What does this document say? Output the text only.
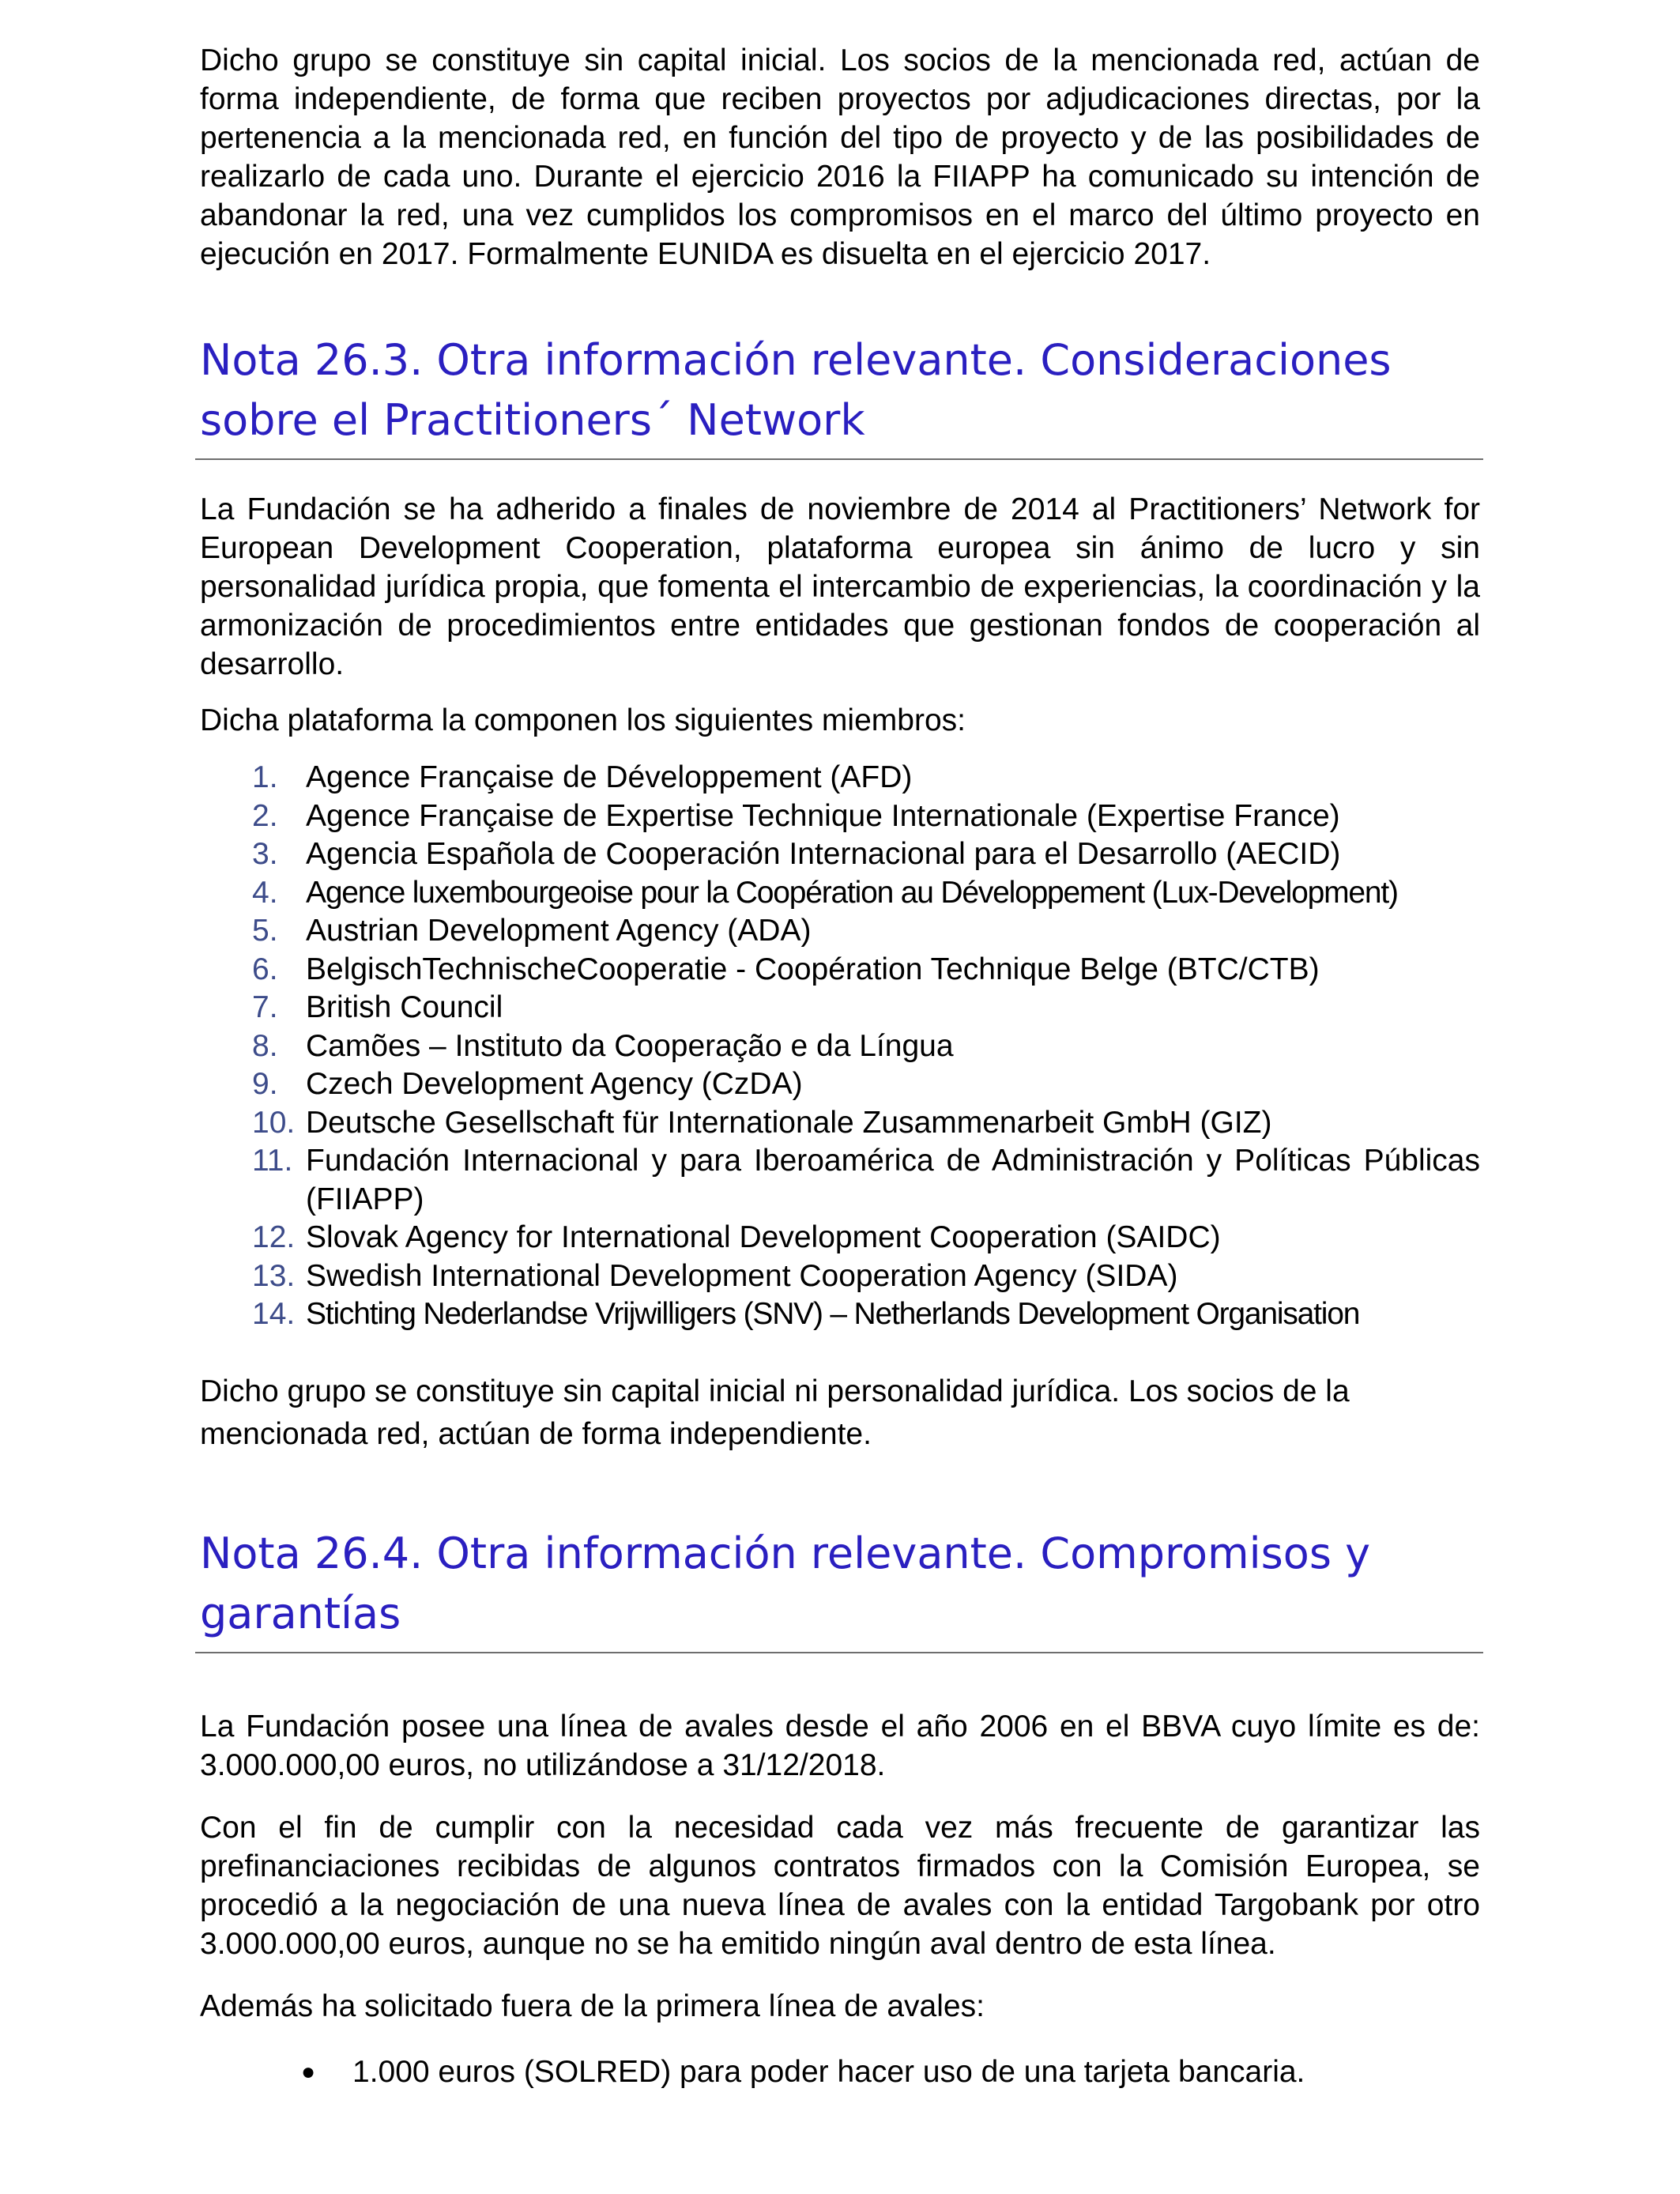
Dicho grupo se constituye sin capital inicial. Los socios de la mencionada red, actúan de forma independiente, de forma que reciben proyectos por adjudicaciones directas, por la pertenencia a la mencionada red, en función del tipo de proyecto y de las posibilidades de realizarlo de cada uno. Durante el ejercicio 2016 la FIIAPP ha comunicado su intención de abandonar la red, una vez cumplidos los compromisos en el marco del último proyecto en ejecución en 2017. Formalmente EUNIDA es disuelta en el ejercicio 2017.

Nota 26.3. Otra información relevante. Consideraciones sobre el Practitioners´ Network

La Fundación se ha adherido a finales de noviembre de 2014 al Practitioners’ Network for European Development Cooperation, plataforma europea sin ánimo de lucro y sin personalidad jurídica propia, que fomenta el intercambio de experiencias, la coordinación y la armonización de procedimientos entre entidades que gestionan fondos de cooperación al desarrollo.

Dicha plataforma la componen los siguientes miembros:

1. Agence Française de Développement (AFD)
2. Agence Française de Expertise Technique Internationale (Expertise France)
3. Agencia Española de Cooperación Internacional para el Desarrollo (AECID)
4. Agence luxembourgeoise pour la Coopération au Développement (Lux-Development)
5. Austrian Development Agency (ADA)
6. BelgischTechnischeCooperatie - Coopération Technique Belge (BTC/CTB)
7. British Council
8. Camões – Instituto da Cooperação e da Língua
9. Czech Development Agency (CzDA)
10. Deutsche Gesellschaft für Internationale Zusammenarbeit GmbH (GIZ)
11. Fundación Internacional y para Iberoamérica de Administración y Políticas Públicas (FIIAPP)
12. Slovak Agency for International Development Cooperation (SAIDC)
13. Swedish International Development Cooperation Agency (SIDA)
14. Stichting Nederlandse Vrijwilligers (SNV) – Netherlands Development Organisation

Dicho grupo se constituye sin capital inicial ni personalidad jurídica. Los socios de la mencionada red, actúan de forma independiente.

Nota 26.4. Otra información relevante. Compromisos y garantías

La Fundación posee una línea de avales desde el año 2006 en el BBVA cuyo límite es de: 3.000.000,00 euros, no utilizándose a 31/12/2018.

Con el fin de cumplir con la necesidad cada vez más frecuente de garantizar las prefinanciaciones recibidas de algunos contratos firmados con la Comisión Europea, se procedió a la negociación de una nueva línea de avales con la entidad Targobank por otro 3.000.000,00 euros, aunque no se ha emitido ningún aval dentro de esta línea.

Además ha solicitado fuera de la primera línea de avales:

● 1.000 euros (SOLRED) para poder hacer uso de una tarjeta bancaria.
